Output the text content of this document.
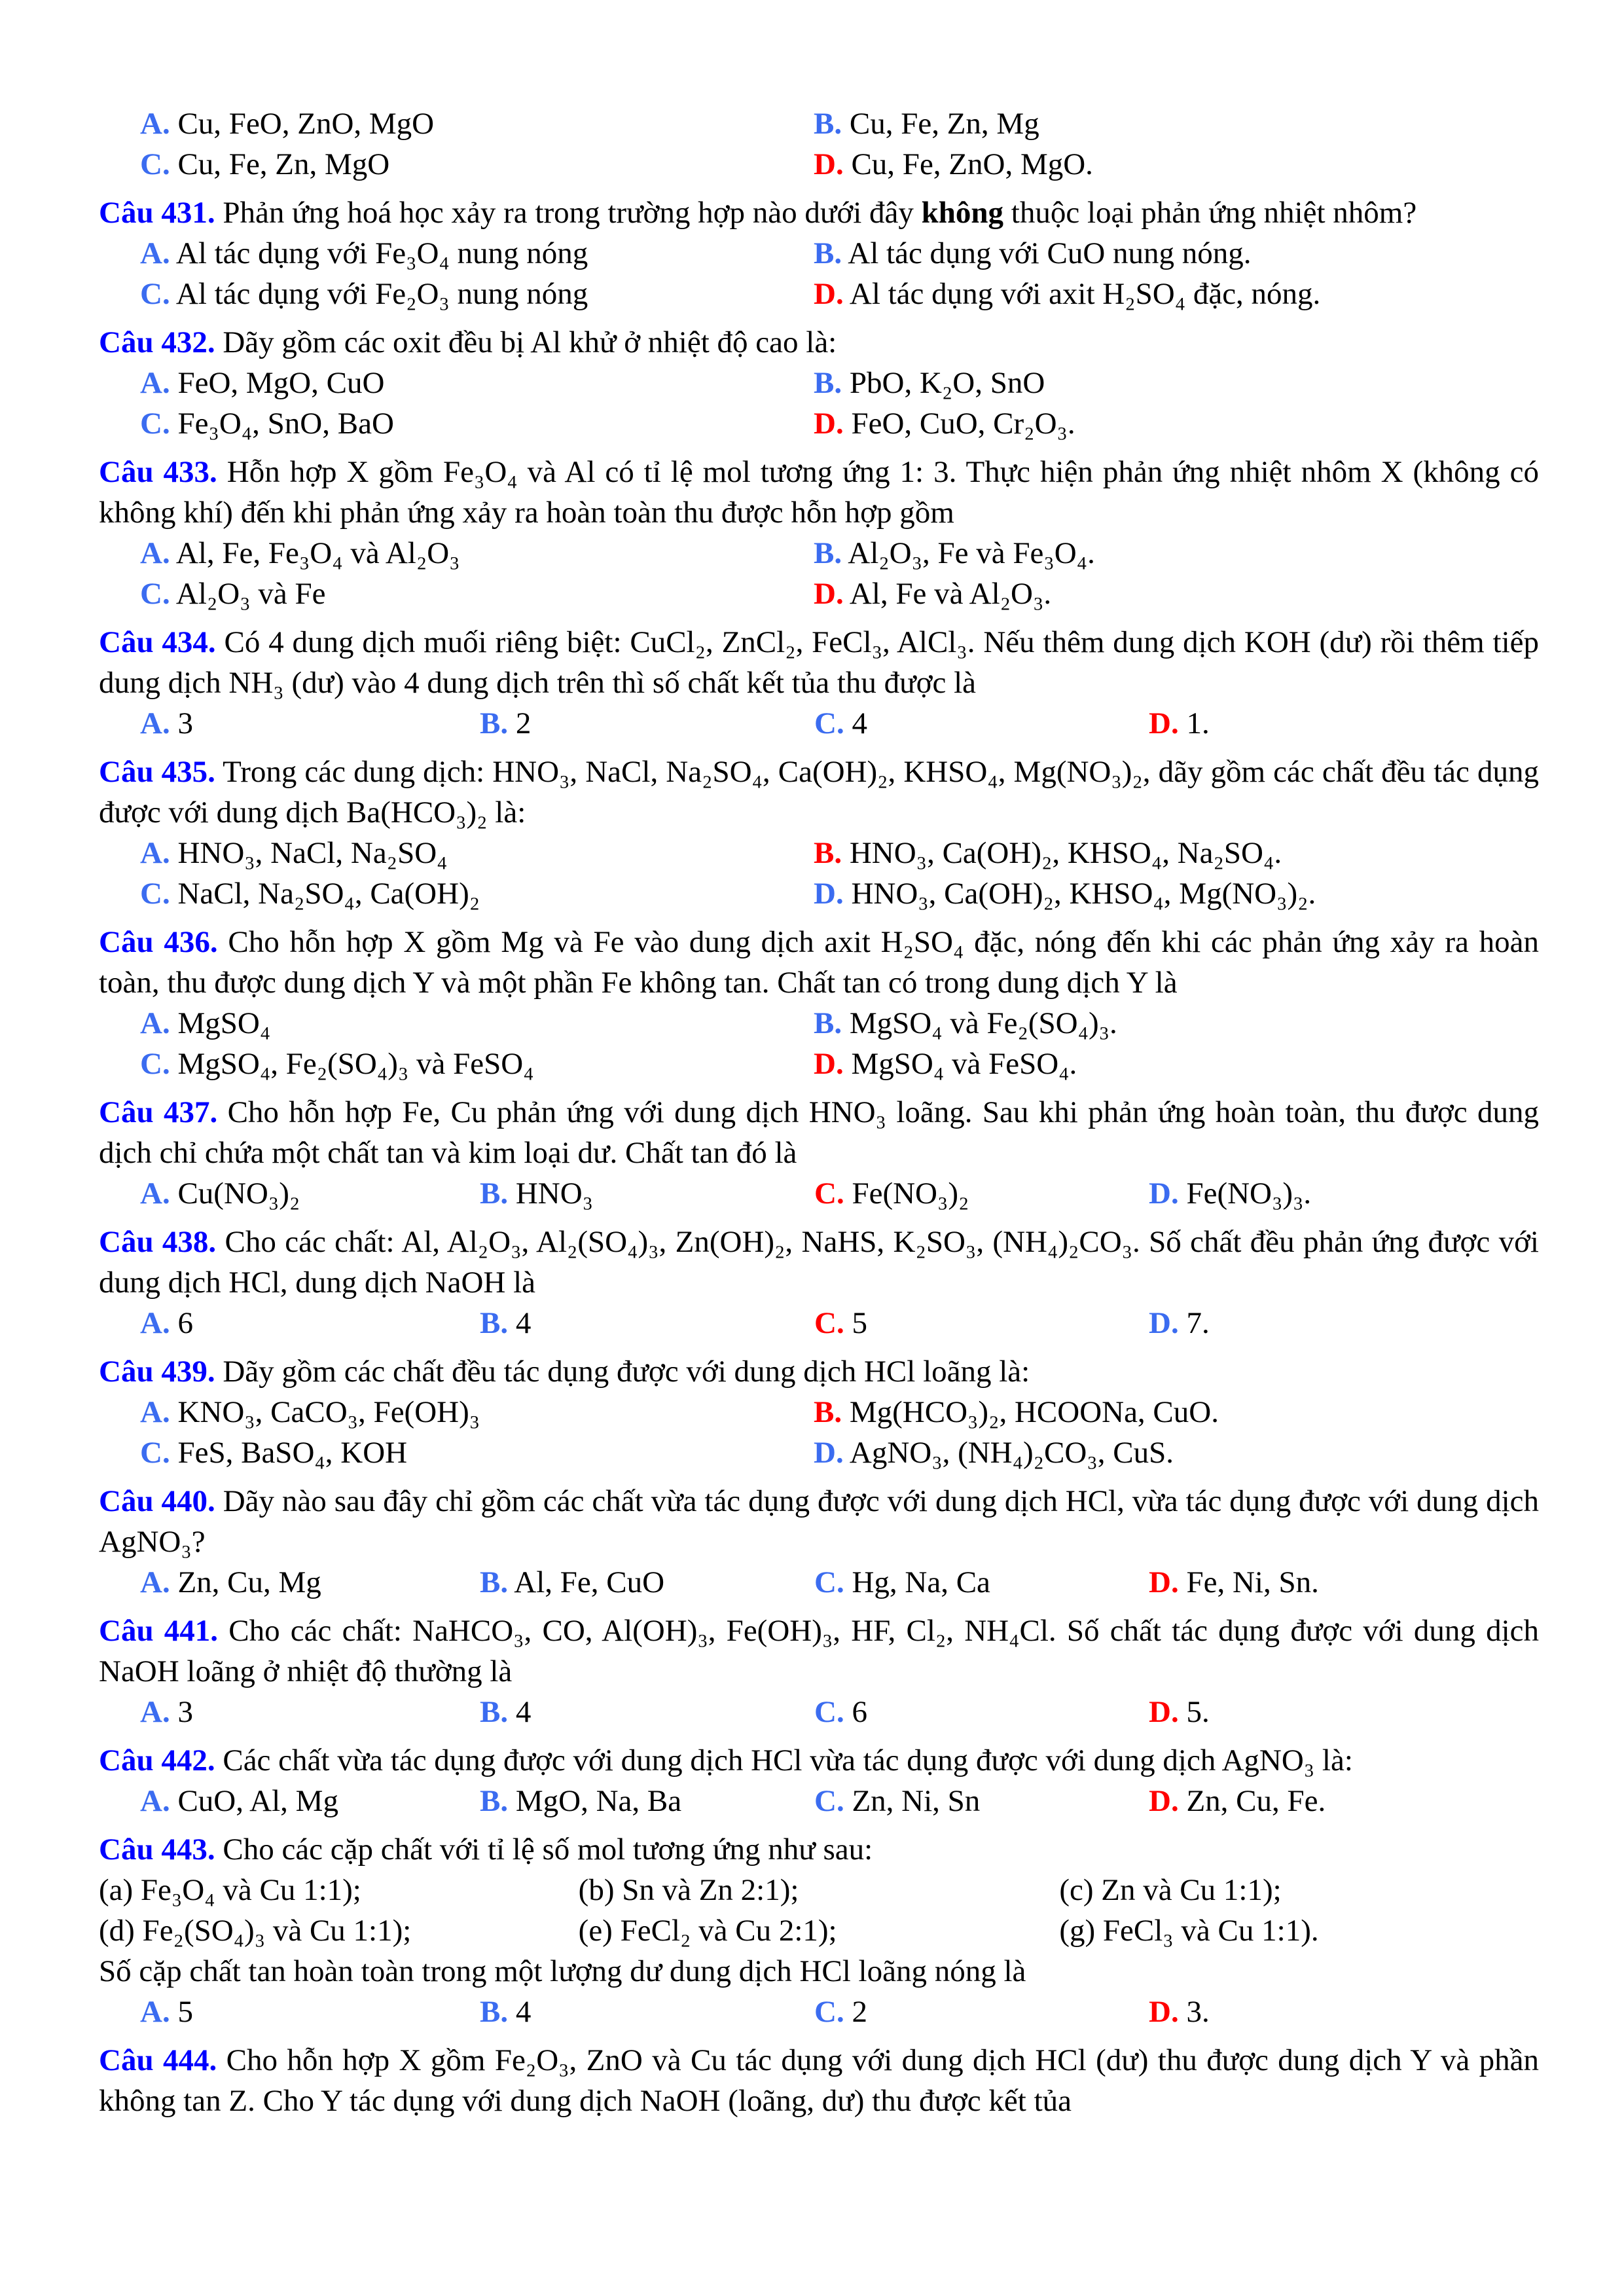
A. Cu, FeO, ZnO, MgO	B. Cu, Fe, Zn, Mg
C. Cu, Fe, Zn, MgO	D. Cu, Fe, ZnO, MgO.
Câu 431. Phản ứng hoá học xảy ra trong trường hợp nào dưới đây không thuộc loại phản ứng nhiệt nhôm?
A. Al tác dụng với Fe₃O₄ nung nóng	B. Al tác dụng với CuO nung nóng.
C. Al tác dụng với Fe₂O₃ nung nóng	D. Al tác dụng với axit H₂SO₄ đặc, nóng.
Câu 432. Dãy gồm các oxit đều bị Al khử ở nhiệt độ cao là:
A. FeO, MgO, CuO	B. PbO, K₂O, SnO
C. Fe₃O₄, SnO, BaO	D. FeO, CuO, Cr₂O₃.
Câu 433. Hỗn hợp X gồm Fe₃O₄ và Al có tỉ lệ mol tương ứng 1: 3. Thực hiện phản ứng nhiệt nhôm X (không có không khí) đến khi phản ứng xảy ra hoàn toàn thu được hỗn hợp gồm
A. Al, Fe, Fe₃O₄ và Al₂O₃	B. Al₂O₃, Fe và Fe₃O₄.
C. Al₂O₃ và Fe	D. Al, Fe và Al₂O₃.
Câu 434. Có 4 dung dịch muối riêng biệt: CuCl₂, ZnCl₂, FeCl₃, AlCl₃. Nếu thêm dung dịch KOH (dư) rồi thêm tiếp dung dịch NH₃ (dư) vào 4 dung dịch trên thì số chất kết tủa thu được là
A. 3	B. 2	C. 4	D. 1.
Câu 435. Trong các dung dịch: HNO₃, NaCl, Na₂SO₄, Ca(OH)₂, KHSO₄, Mg(NO₃)₂, dãy gồm các chất đều tác dụng được với dung dịch Ba(HCO₃)₂ là:
A. HNO₃, NaCl, Na₂SO₄	B. HNO₃, Ca(OH)₂, KHSO₄, Na₂SO₄.
C. NaCl, Na₂SO₄, Ca(OH)₂	D. HNO₃, Ca(OH)₂, KHSO₄, Mg(NO₃)₂.
Câu 436. Cho hỗn hợp X gồm Mg và Fe vào dung dịch axit H₂SO₄ đặc, nóng đến khi các phản ứng xảy ra hoàn toàn, thu được dung dịch Y và một phần Fe không tan. Chất tan có trong dung dịch Y là
A. MgSO₄	B. MgSO₄ và Fe₂(SO₄)₃.
C. MgSO₄, Fe₂(SO₄)₃ và FeSO₄	D. MgSO₄ và FeSO₄.
Câu 437. Cho hỗn hợp Fe, Cu phản ứng với dung dịch HNO₃ loãng. Sau khi phản ứng hoàn toàn, thu được dung dịch chỉ chứa một chất tan và kim loại dư. Chất tan đó là
A. Cu(NO₃)₂	B. HNO₃	C. Fe(NO₃)₂	D. Fe(NO₃)₃.
Câu 438. Cho các chất: Al, Al₂O₃, Al₂(SO₄)₃, Zn(OH)₂, NaHS, K₂SO₃, (NH₄)₂CO₃. Số chất đều phản ứng được với dung dịch HCl, dung dịch NaOH là
A. 6	B. 4	C. 5	D. 7.
Câu 439. Dãy gồm các chất đều tác dụng được với dung dịch HCl loãng là:
A. KNO₃, CaCO₃, Fe(OH)₃	B. Mg(HCO₃)₂, HCOONa, CuO.
C. FeS, BaSO₄, KOH	D. AgNO₃, (NH₄)₂CO₃, CuS.
Câu 440. Dãy nào sau đây chỉ gồm các chất vừa tác dụng được với dung dịch HCl, vừa tác dụng được với dung dịch AgNO₃?
A. Zn, Cu, Mg	B. Al, Fe, CuO	C. Hg, Na, Ca	D. Fe, Ni, Sn.
Câu 441. Cho các chất: NaHCO₃, CO, Al(OH)₃, Fe(OH)₃, HF, Cl₂, NH₄Cl. Số chất tác dụng được với dung dịch NaOH loãng ở nhiệt độ thường là
A. 3	B. 4	C. 6	D. 5.
Câu 442. Các chất vừa tác dụng được với dung dịch HCl vừa tác dụng được với dung dịch AgNO₃ là:
A. CuO, Al, Mg	B. MgO, Na, Ba	C. Zn, Ni, Sn	D. Zn, Cu, Fe.
Câu 443. Cho các cặp chất với tỉ lệ số mol tương ứng như sau:
(a) Fe₃O₄ và Cu 1:1);	(b) Sn và Zn 2:1);	(c) Zn và Cu 1:1);
(d) Fe₂(SO₄)₃ và Cu 1:1);	(e) FeCl₂ và Cu 2:1);	(g) FeCl₃ và Cu 1:1).
Số cặp chất tan hoàn toàn trong một lượng dư dung dịch HCl loãng nóng là
A. 5	B. 4	C. 2	D. 3.
Câu 444. Cho hỗn hợp X gồm Fe₂O₃, ZnO và Cu tác dụng với dung dịch HCl (dư) thu được dung dịch Y và phần không tan Z. Cho Y tác dụng với dung dịch NaOH (loãng, dư) thu được kết tủa
